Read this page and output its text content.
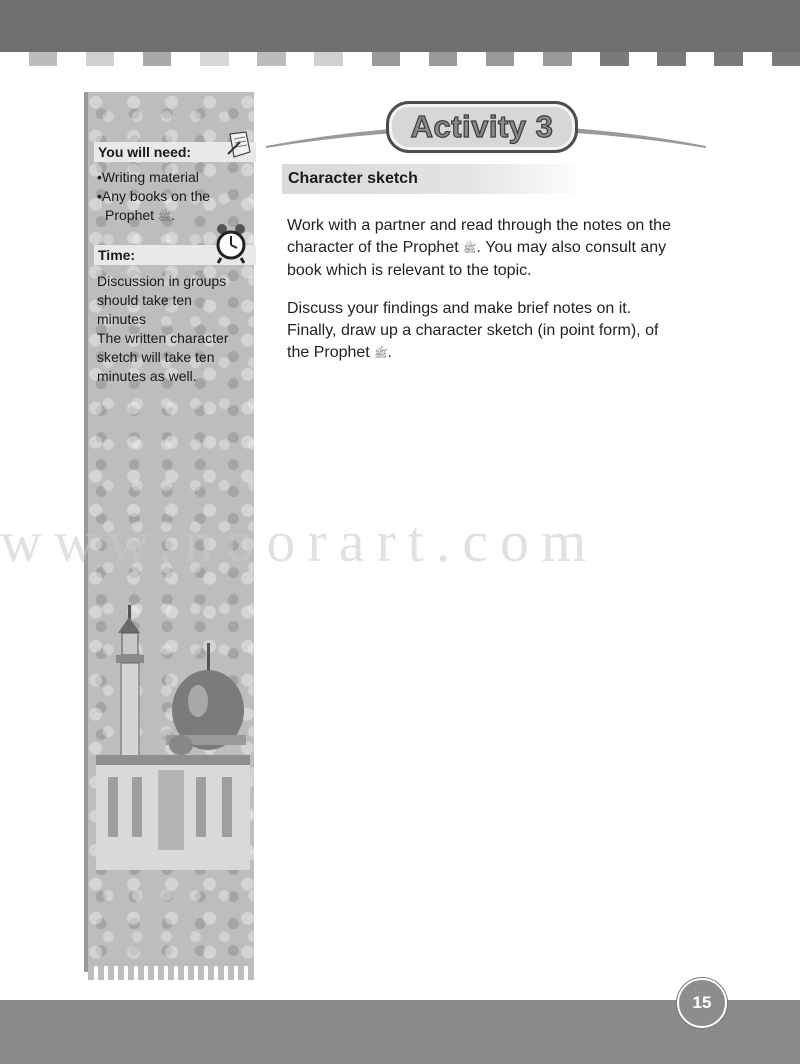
You will need:
•Writing material
•Any books on the
Prophet ﷺ.
Time:
Discussion in groups
should take ten
minutes
The written character
sketch will take ten
minutes as well.
Activity
3
Character sketch
Work with a partner and read through the notes on the
character of the Prophet ﷺ. You may also consult any
book which is relevant to the topic.
Discuss your findings and make brief notes on it.
Finally, draw up a character sketch (in point form), of
the Prophet ﷺ.
www.noorart.com
15
